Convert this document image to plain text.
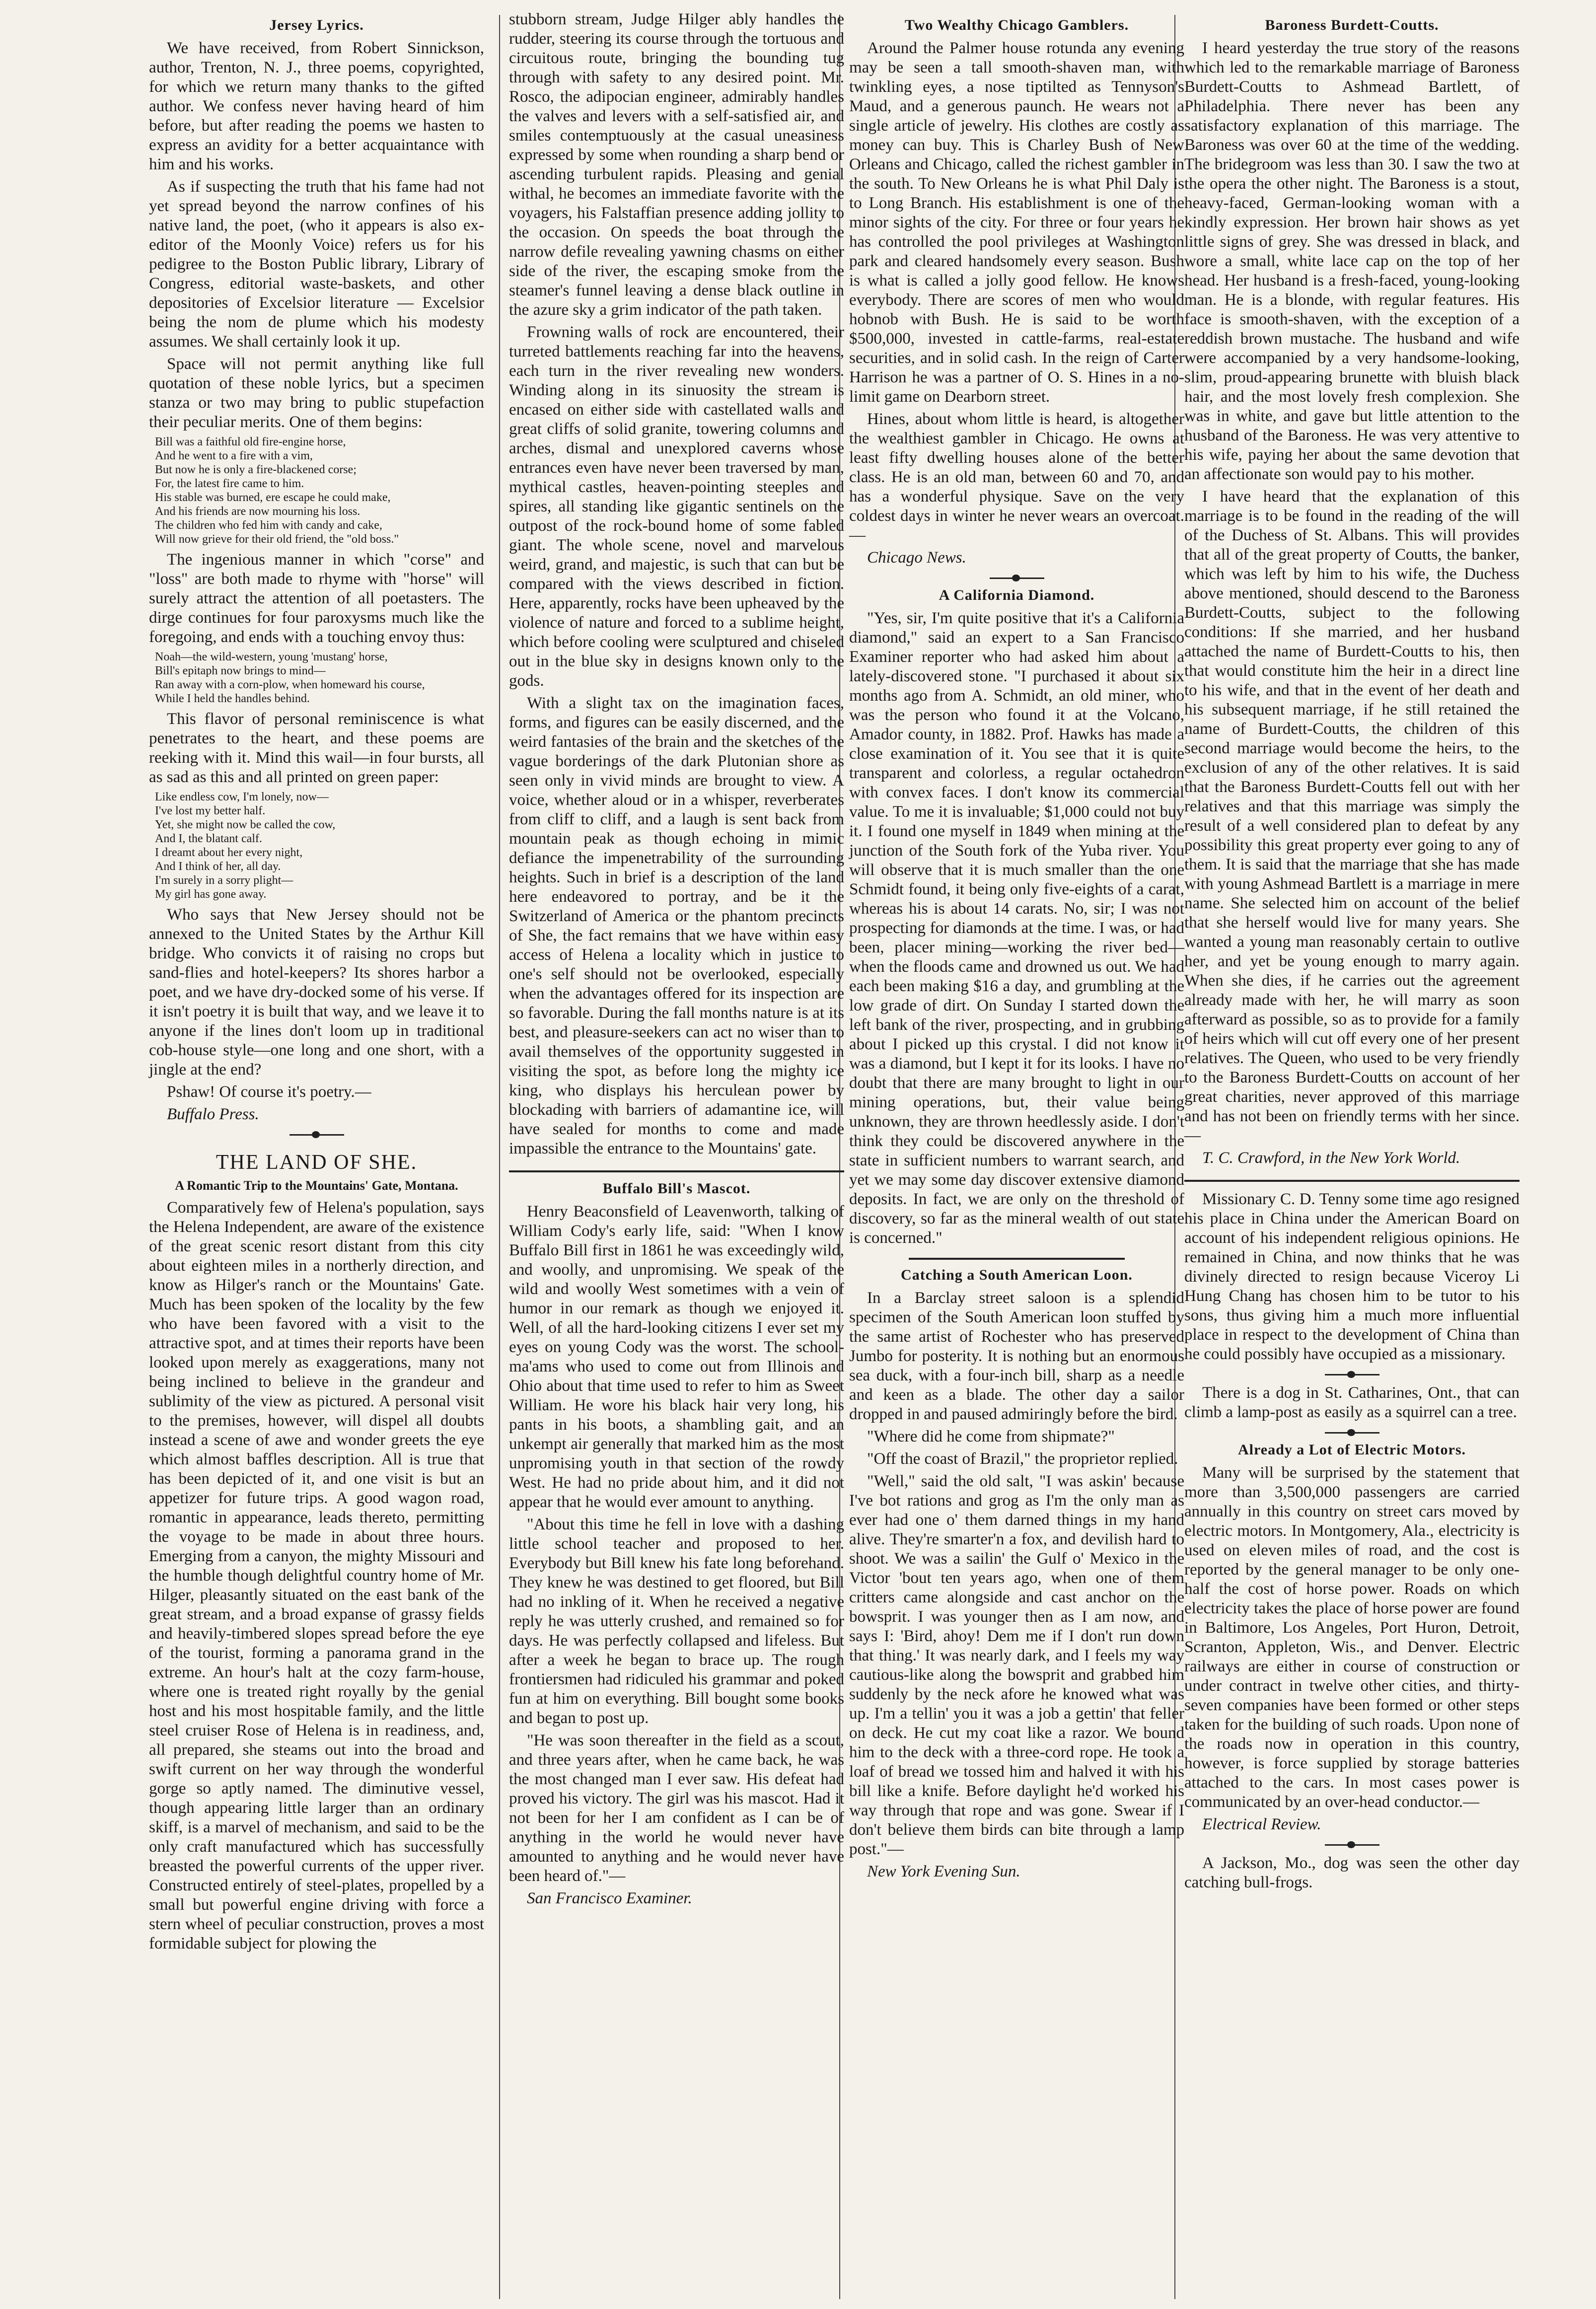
Jersey Lyrics.

We have received, from Robert Sinnickson, author, Trenton, N. J., three poems, copyrighted, for which we return many thanks to the gifted author. We confess never having heard of him before, but after reading the poems we hasten to express an avidity for a better acquaintance with him and his works.

As if suspecting the truth that his fame had not yet spread beyond the narrow confines of his native land, the poet, (who it appears is also ex-editor of the Moonly Voice) refers us for his pedigree to the Boston Public library, Library of Congress, editorial waste-baskets, and other depositories of Excelsior literature — Excelsior being the nom de plume which his modesty assumes. We shall certainly look it up.

Space will not permit anything like full quotation of these noble lyrics, but a specimen stanza or two may bring to public stupefaction their peculiar merits. One of them begins:

Bill was a faithful old fire-engine horse,
And he went to a fire with a vim,
But now he is only a fire-blackened corse;
For, the latest fire came to him.
His stable was burned, ere escape he could make,
And his friends are now mourning his loss.
The children who fed him with candy and cake,
Will now grieve for their old friend, the "old boss."

The ingenious manner in which "corse" and "loss" are both made to rhyme with "horse" will surely attract the attention of all poetasters. The dirge continues for four paroxysms much like the foregoing, and ends with a touching envoy thus:

Noah—the wild-western, young 'mustang' horse,
Bill's epitaph now brings to mind—
Ran away with a corn-plow, when homeward his course,
While I held the handles behind.

This flavor of personal reminiscence is what penetrates to the heart, and these poems are reeking with it. Mind this wail—in four bursts, all as sad as this and all printed on green paper:

Like endless cow, I'm lonely, now—
I've lost my better half.
Yet, she might now be called the cow,
And I, the blatant calf.
I dreamt about her every night,
And I think of her, all day.
I'm surely in a sorry plight—
My girl has gone away.

Who says that New Jersey should not be annexed to the United States by the Arthur Kill bridge. Who convicts it of raising no crops but sand-flies and hotel-keepers? Its shores harbor a poet, and we have dry-docked some of his verse. If it isn't poetry it is built that way, and we leave it to anyone if the lines don't loom up in traditional cob-house style—one long and one short, with a jingle at the end?

Pshaw! Of course it's poetry.—

Buffalo Press.

THE LAND OF SHE.
A Romantic Trip to the Mountains' Gate, Montana.

Comparatively few of Helena's population, says the Helena Independent, are aware of the existence of the great scenic resort distant from this city about eighteen miles in a northerly direction, and know as Hilger's ranch or the Mountains' Gate. Much has been spoken of the locality by the few who have been favored with a visit to the attractive spot, and at times their reports have been looked upon merely as exaggerations, many not being inclined to believe in the grandeur and sublimity of the view as pictured. A personal visit to the premises, however, will dispel all doubts instead a scene of awe and wonder greets the eye which almost baffles description. All is true that has been depicted of it, and one visit is but an appetizer for future trips. A good wagon road, romantic in appearance, leads thereto, permitting the voyage to be made in about three hours. Emerging from a canyon, the mighty Missouri and the humble though delightful country home of Mr. Hilger, pleasantly situated on the east bank of the great stream, and a broad expanse of grassy fields and heavily-timbered slopes spread before the eye of the tourist, forming a panorama grand in the extreme. An hour's halt at the cozy farm-house, where one is treated right royally by the genial host and his most hospitable family, and the little steel cruiser Rose of Helena is in readiness, and, all prepared, she steams out into the broad and swift current on her way through the wonderful gorge so aptly named. The diminutive vessel, though appearing little larger than an ordinary skiff, is a marvel of mechanism, and said to be the only craft manufactured which has successfully breasted the powerful currents of the upper river. Constructed entirely of steel-plates, propelled by a small but powerful engine driving with force a stern wheel of peculiar construction, proves a most formidable subject for plowing the

stubborn stream, Judge Hilger ably handles the rudder, steering its course through the tortuous and circuitous route, bringing the bounding tug through with safety to any desired point. Mr. Rosco, the adipocian engineer, admirably handles the valves and levers with a self-satisfied air, and smiles contemptuously at the casual uneasiness expressed by some when rounding a sharp bend or ascending turbulent rapids. Pleasing and genial withal, he becomes an immediate favorite with the voyagers, his Falstaffian presence adding jollity to the occasion. On speeds the boat through the narrow defile revealing yawning chasms on either side of the river, the escaping smoke from the steamer's funnel leaving a dense black outline in the azure sky a grim indicator of the path taken.

Frowning walls of rock are encountered, their turreted battlements reaching far into the heavens, each turn in the river revealing new wonders. Winding along in its sinuosity the stream is encased on either side with castellated walls and great cliffs of solid granite, towering columns and arches, dismal and unexplored caverns whose entrances even have never been traversed by man, mythical castles, heaven-pointing steeples and spires, all standing like gigantic sentinels on the outpost of the rock-bound home of some fabled giant. The whole scene, novel and marvelous weird, grand, and majestic, is such that can but be compared with the views described in fiction. Here, apparently, rocks have been upheaved by the violence of nature and forced to a sublime height, which before cooling were sculptured and chiseled out in the blue sky in designs known only to the gods.

With a slight tax on the imagination faces, forms, and figures can be easily discerned, and the weird fantasies of the brain and the sketches of the vague borderings of the dark Plutonian shore as seen only in vivid minds are brought to view. A voice, whether aloud or in a whisper, reverberates from cliff to cliff, and a laugh is sent back from mountain peak as though echoing in mimic defiance the impenetrability of the surrounding heights. Such in brief is a description of the land here endeavored to portray, and be it the Switzerland of America or the phantom precincts of She, the fact remains that we have within easy access of Helena a locality which in justice to one's self should not be overlooked, especially when the advantages offered for its inspection are so favorable. During the fall months nature is at its best, and pleasure-seekers can act no wiser than to avail themselves of the opportunity suggested in visiting the spot, as before long the mighty ice king, who displays his herculean power by blockading with barriers of adamantine ice, will have sealed for months to come and made impassible the entrance to the Mountains' gate.

Buffalo Bill's Mascot.

Henry Beaconsfield of Leavenworth, talking of William Cody's early life, said: "When I know Buffalo Bill first in 1861 he was exceedingly wild, and woolly, and unpromising. We speak of the wild and woolly West sometimes with a vein of humor in our remark as though we enjoyed it. Well, of all the hard-looking citizens I ever set my eyes on young Cody was the worst. The school-ma'ams who used to come out from Illinois and Ohio about that time used to refer to him as Sweet William. He wore his black hair very long, his pants in his boots, a shambling gait, and an unkempt air generally that marked him as the most unpromising youth in that section of the rowdy West. He had no pride about him, and it did not appear that he would ever amount to anything.

"About this time he fell in love with a dashing little school teacher and proposed to her. Everybody but Bill knew his fate long beforehand. They knew he was destined to get floored, but Bill had no inkling of it. When he received a negative reply he was utterly crushed, and remained so for days. He was perfectly collapsed and lifeless. But after a week he began to brace up. The rough frontiersmen had ridiculed his grammar and poked fun at him on everything. Bill bought some books and began to post up.

"He was soon thereafter in the field as a scout, and three years after, when he came back, he was the most changed man I ever saw. His defeat had proved his victory. The girl was his mascot. Had it not been for her I am confident as I can be of anything in the world he would never have amounted to anything and he would never have been heard of."—

San Francisco Examiner.

Two Wealthy Chicago Gamblers.

Around the Palmer house rotunda any evening may be seen a tall smooth-shaven man, with twinkling eyes, a nose tiptilted as Tennyson's Maud, and a generous paunch. He wears not a single article of jewelry. His clothes are costly as money can buy. This is Charley Bush of New Orleans and Chicago, called the richest gambler in the south. To New Orleans he is what Phil Daly is to Long Branch. His establishment is one of the minor sights of the city. For three or four years he has controlled the pool privileges at Washington park and cleared handsomely every season. Bush is what is called a jolly good fellow. He knows everybody. There are scores of men who would hobnob with Bush. He is said to be worth $500,000, invested in cattle-farms, real-estate securities, and in solid cash. In the reign of Carter Harrison he was a partner of O. S. Hines in a no-limit game on Dearborn street.

Hines, about whom little is heard, is altogether the wealthiest gambler in Chicago. He owns at least fifty dwelling houses alone of the better class. He is an old man, between 60 and 70, and has a wonderful physique. Save on the very coldest days in winter he never wears an overcoat.—

Chicago News.

A California Diamond.

"Yes, sir, I'm quite positive that it's a California diamond," said an expert to a San Francisco Examiner reporter who had asked him about a lately-discovered stone. "I purchased it about six months ago from A. Schmidt, an old miner, who was the person who found it at the Volcano, Amador county, in 1882. Prof. Hawks has made a close examination of it. You see that it is quite transparent and colorless, a regular octahedron with convex faces. I don't know its commercial value. To me it is invaluable; $1,000 could not buy it. I found one myself in 1849 when mining at the junction of the South fork of the Yuba river. You will observe that it is much smaller than the one Schmidt found, it being only five-eights of a carat, whereas his is about 14 carats. No, sir; I was not prospecting for diamonds at the time. I was, or had been, placer mining—working the river bed—when the floods came and drowned us out. We had each been making $16 a day, and grumbling at the low grade of dirt. On Sunday I started down the left bank of the river, prospecting, and in grubbing about I picked up this crystal. I did not know it was a diamond, but I kept it for its looks. I have no doubt that there are many brought to light in our mining operations, but, their value being unknown, they are thrown heedlessly aside. I don't think they could be discovered anywhere in the state in sufficient numbers to warrant search, and yet we may some day discover extensive diamond deposits. In fact, we are only on the threshold of discovery, so far as the mineral wealth of out state is concerned."

Catching a South American Loon.

In a Barclay street saloon is a splendid specimen of the South American loon stuffed by the same artist of Rochester who has preserved Jumbo for posterity. It is nothing but an enormous sea duck, with a four-inch bill, sharp as a needle and keen as a blade. The other day a sailor dropped in and paused admiringly before the bird.

"Where did he come from shipmate?"

"Off the coast of Brazil," the proprietor replied.

"Well," said the old salt, "I was askin' because I've bot rations and grog as I'm the only man as ever had one o' them darned things in my hand alive. They're smarter'n a fox, and devilish hard to shoot. We was a sailin' the Gulf o' Mexico in the Victor 'bout ten years ago, when one of them critters came alongside and cast anchor on the bowsprit. I was younger then as I am now, and says I: 'Bird, ahoy! Dem me if I don't run down that thing.' It was nearly dark, and I feels my way cautious-like along the bowsprit and grabbed him suddenly by the neck afore he knowed what was up. I'm a tellin' you it was a job a gettin' that feller on deck. He cut my coat like a razor. We bound him to the deck with a three-cord rope. He took a loaf of bread we tossed him and halved it with his bill like a knife. Before daylight he'd worked his way through that rope and was gone. Swear if I don't believe them birds can bite through a lamp post."—

New York Evening Sun.

Baroness Burdett-Coutts.

I heard yesterday the true story of the reasons which led to the remarkable marriage of Baroness Burdett-Coutts to Ashmead Bartlett, of Philadelphia. There never has been any satisfactory explanation of this marriage. The Baroness was over 60 at the time of the wedding. The bridegroom was less than 30. I saw the two at the opera the other night. The Baroness is a stout, heavy-faced, German-looking woman with a kindly expression. Her brown hair shows as yet little signs of grey. She was dressed in black, and wore a small, white lace cap on the top of her head. Her husband is a fresh-faced, young-looking man. He is a blonde, with regular features. His face is smooth-shaven, with the exception of a reddish brown mustache. The husband and wife were accompanied by a very handsome-looking, slim, proud-appearing brunette with bluish black hair, and the most lovely fresh complexion. She was in white, and gave but little attention to the husband of the Baroness. He was very attentive to his wife, paying her about the same devotion that an affectionate son would pay to his mother.

I have heard that the explanation of this marriage is to be found in the reading of the will of the Duchess of St. Albans. This will provides that all of the great property of Coutts, the banker, which was left by him to his wife, the Duchess above mentioned, should descend to the Baroness Burdett-Coutts, subject to the following conditions: If she married, and her husband attached the name of Burdett-Coutts to his, then that would constitute him the heir in a direct line to his wife, and that in the event of her death and his subsequent marriage, if he still retained the name of Burdett-Coutts, the children of this second marriage would become the heirs, to the exclusion of any of the other relatives. It is said that the Baroness Burdett-Coutts fell out with her relatives and that this marriage was simply the result of a well considered plan to defeat by any possibility this great property ever going to any of them. It is said that the marriage that she has made with young Ashmead Bartlett is a marriage in mere name. She selected him on account of the belief that she herself would live for many years. She wanted a young man reasonably certain to outlive her, and yet be young enough to marry again. When she dies, if he carries out the agreement already made with her, he will marry as soon afterward as possible, so as to provide for a family of heirs which will cut off every one of her present relatives. The Queen, who used to be very friendly to the Baroness Burdett-Coutts on account of her great charities, never approved of this marriage and has not been on friendly terms with her since.—

T. C. Crawford, in the New York World.

Missionary C. D. Tenny some time ago resigned his place in China under the American Board on account of his independent religious opinions. He remained in China, and now thinks that he was divinely directed to resign because Viceroy Li Hung Chang has chosen him to be tutor to his sons, thus giving him a much more influential place in respect to the development of China than he could possibly have occupied as a missionary.

There is a dog in St. Catharines, Ont., that can climb a lamp-post as easily as a squirrel can a tree.

Already a Lot of Electric Motors.

Many will be surprised by the statement that more than 3,500,000 passengers are carried annually in this country on street cars moved by electric motors. In Montgomery, Ala., electricity is used on eleven miles of road, and the cost is reported by the general manager to be only one-half the cost of horse power. Roads on which electricity takes the place of horse power are found in Baltimore, Los Angeles, Port Huron, Detroit, Scranton, Appleton, Wis., and Denver. Electric railways are either in course of construction or under contract in twelve other cities, and thirty-seven companies have been formed or other steps taken for the building of such roads. Upon none of the roads now in operation in this country, however, is force supplied by storage batteries attached to the cars. In most cases power is communicated by an over-head conductor.—

Electrical Review.

A Jackson, Mo., dog was seen the other day catching bull-frogs.
